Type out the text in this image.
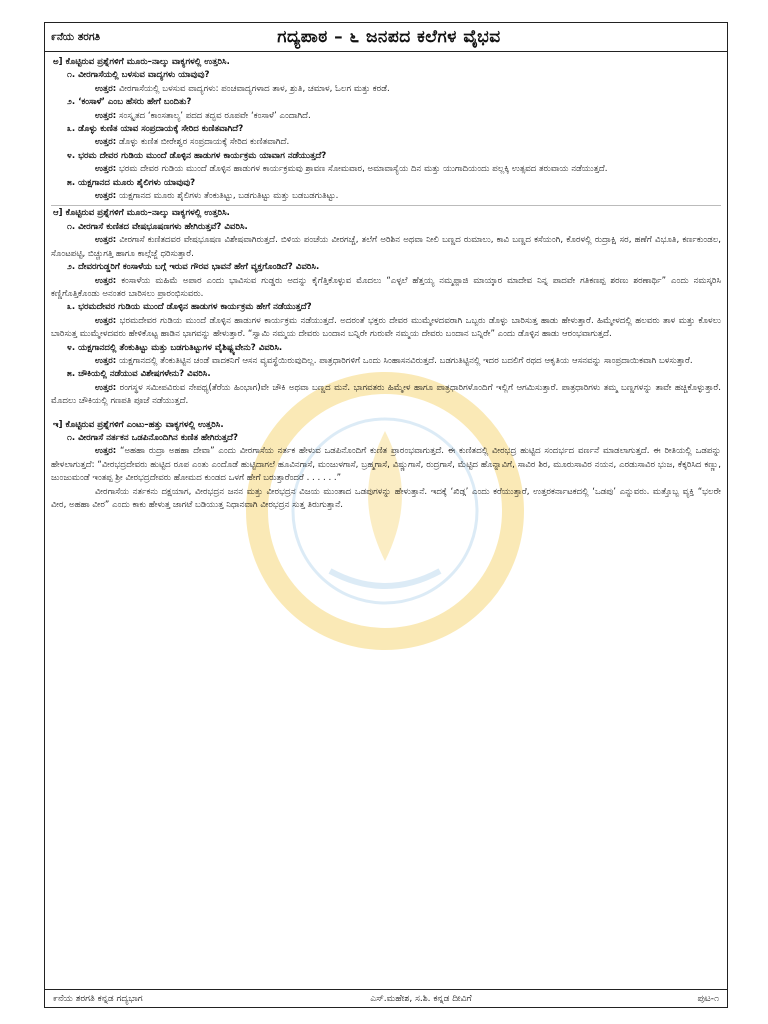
೯ನೆಯ ತರಗತಿ	ಗದ್ಯಪಾಠ – ೬ ಜನಪದ ಕಲೆಗಳ ವೈಭವ
ಅ] ಕೊಟ್ಟಿರುವ ಪ್ರಶ್ನೆಗಳಿಗೆ ಮೂರು–ನಾಲ್ಕು ವಾಕ್ಯಗಳಲ್ಲಿ ಉತ್ತರಿಸಿ.
೧. ವೀರಗಾಸೆಯಲ್ಲಿ ಬಳಸುವ ವಾದ್ಯಗಳು ಯಾವುವು?
ಉತ್ತರ: ವೀರಗಾಸೆಯಲ್ಲಿ ಬಳಸುವ ವಾದ್ಯಗಳು: ಪಂಚವಾದ್ಯಗಳಾದ ತಾಳ, ಶ್ರುತಿ, ಚಮಾಳ, ಓಲಗ ಮತ್ತು ಕರಡೆ.
೨. ‘ಕಂಸಾಳೆ’ ಎಂಬ ಹೆಸರು ಹೇಗೆ ಬಂದಿತು?
ಉತ್ತರ: ಸಂಸ್ಕೃತದ ‘ಕಾಂಸತಾಲ್ಯ’ ಪದದ ತದ್ಭವ ರೂಪವೇ ‘ಕಂಸಾಳೆ’ ಎಂದಾಗಿದೆ.
೩. ಡೊಳ್ಳು ಕುಣಿತ ಯಾವ ಸಂಪ್ರದಾಯಕ್ಕೆ ಸೇರಿದ ಕುಣಿತವಾಗಿದೆ?
ಉತ್ತರ: ಡೊಳ್ಳು ಕುಣಿತ ಬೀರೇಶ್ವರ ಸಂಪ್ರದಾಯಕ್ಕೆ ಸೇರಿದ ಕುಣಿತವಾಗಿದೆ.
೪. ಭರಮ ದೇವರ ಗುಡಿಯ ಮುಂದೆ ಡೊಳ್ಳಿನ ಹಾಡುಗಳ ಕಾರ್ಯಕ್ರಮ ಯಾವಾಗ ನಡೆಯುತ್ತದೆ?
ಉತ್ತರ: ಭರಮ ದೇವರ ಗುಡಿಯ ಮುಂದೆ ಡೊಳ್ಳಿನ ಹಾಡುಗಳ ಕಾರ್ಯಕ್ರಮವು ಶ್ರಾವಣ ಸೋಮವಾರ, ಅಮಾವಾಸ್ಯೆಯ ದಿನ ಮತ್ತು ಯುಗಾದಿಯಂದು ಪಲ್ಲಕ್ಕಿ ಉತ್ಸವದ ತರುವಾಯ ನಡೆಯುತ್ತದೆ.
೫. ಯಕ್ಷಗಾನದ ಮೂರು ಶೈಲಿಗಳು ಯಾವುವು?
ಉತ್ತರ: ಯಕ್ಷಗಾನದ ಮೂರು ಶೈಲಿಗಳು ತೆಂಕುತಿಟ್ಟು, ಬಡಗುತಿಟ್ಟು ಮತ್ತು ಬಡಬಡಗುತಿಟ್ಟು.
ಆ] ಕೊಟ್ಟಿರುವ ಪ್ರಶ್ನೆಗಳಿಗೆ ಮೂರು–ನಾಲ್ಕು ವಾಕ್ಯಗಳಲ್ಲಿ ಉತ್ತರಿಸಿ.
೧. ವೀರಗಾಸೆ ಕುಣಿತದ ವೇಷಭೂಷಣಗಳು ಹೇಗಿರುತ್ತವೆ? ವಿವರಿಸಿ.
ಉತ್ತರ: ವೀರಗಾಸೆ ಕುಣಿತದವರ ವೇಷಭೂಷಣ ವಿಶೇಷವಾಗಿರುತ್ತದೆ. ಬಿಳಿಯ ಪಂಚೆಯ ವೀರಗಚ್ಚೆ, ತಲೆಗೆ ಅರಿಶಿನ ಅಥವಾ ನೀಲಿ ಬಣ್ಣದ ರುಮಾಲು, ಕಾವಿ ಬಣ್ಣದ ಕಸೆಯಂಗಿ, ಕೊರಳಲ್ಲಿ ರುದ್ರಾಕ್ಷಿ ಸರ, ಹಣೆಗೆ ವಿಭೂತಿ, ಕರ್ಣಕುಂಡಲ, ಸೊಂಟಪಟ್ಟಿ, ಬಿಚ್ಚುಗತ್ತಿ ಹಾಗೂ ಕಾಲ್ಗೆಜ್ಜೆ ಧರಿಸುತ್ತಾರೆ.
೨. ದೇವರಗುಡ್ಡರಿಗೆ ಕಂಸಾಳೆಯ ಬಗ್ಗೆ ಇರುವ ಗೌರವ ಭಾವನೆ ಹೇಗೆ ವ್ಯಕ್ತಗೊಂಡಿದೆ? ವಿವರಿಸಿ.
ಉತ್ತರ: ಕಂಸಾಳೆಯ ಮಹಿಮೆ ಅಪಾರ ಎಂದು ಭಾವಿಸುವ ಗುಡ್ಡರು ಅದನ್ನು ಕೈಗೆತ್ತಿಕೊಳ್ಳುವ ಮೊದಲು “ಎಳ್ಳಲೆ ಹೆತ್ತಯ್ಯ ನಮ್ಮಪ್ಪಾಜಿ ಮಾಯ್ಕಾರ ಮಾದೇವ ನಿನ್ನ ಪಾದವೇ ಗತಿಕಣಪ್ಪ ಶರಣು ಶರಣಾರ್ಥಿ” ಎಂದು ನಮಸ್ಕರಿಸಿ ಕಣ್ಣಿಗೊತ್ತಿಕೊಂಡು ಅನಂತರ ಬಾರಿಸಲು ಪ್ರಾರಂಭಿಸುವರು.
೩. ಭರಮದೇವರ ಗುಡಿಯ ಮುಂದೆ ಡೊಳ್ಳಿನ ಹಾಡುಗಳ ಕಾರ್ಯಕ್ರಮ ಹೇಗೆ ನಡೆಯುತ್ತದೆ?
ಉತ್ತರ: ಭರಮದೇವರ ಗುಡಿಯ ಮುಂದೆ ಡೊಳ್ಳಿನ ಹಾಡುಗಳ ಕಾರ್ಯಕ್ರಮ ನಡೆಯುತ್ತದೆ. ಅದರಂತೆ ಭಕ್ತರು ದೇವರ ಮುಮ್ಮೇಳದವರಾಗಿ ಒಬ್ಬರು ಡೊಳ್ಳು ಬಾರಿಸುತ್ತ ಹಾಡು ಹೇಳುತ್ತಾರೆ. ಹಿಮ್ಮೇಳದಲ್ಲಿ ಹಲವರು ತಾಳ ಮತ್ತು ಕೊಳಲು ಬಾರಿಸುತ್ತ ಮುಮ್ಮೇಳದವರು ಹೇಳಿಕೊಟ್ಟ ಹಾಡಿನ ಭಾಗವನ್ನು ಹೇಳುತ್ತಾರೆ. “ಸ್ವಾಮಿ ನಮ್ಮಯ ದೇವರು ಬಂದಾನ ಬನ್ನಿರೇ ಗುರುವೇ ನಮ್ಮಯ ದೇವರು ಬಂದಾನ ಬನ್ನಿರೇ” ಎಂದು ಡೊಳ್ಳಿನ ಹಾಡು ಆರಂಭವಾಗುತ್ತದೆ.
೪. ಯಕ್ಷಗಾನದಲ್ಲಿ ತೆಂಕುತಿಟ್ಟು ಮತ್ತು ಬಡಗುತಿಟ್ಟುಗಳ ವೈಶಿಷ್ಟ್ಯವೇನು? ವಿವರಿಸಿ.
ಉತ್ತರ: ಯಕ್ಷಗಾನದಲ್ಲಿ ತೆಂಕುತಿಟ್ಟಿನ ಚಂಡೆ ವಾದಕನಿಗೆ ಆಸನ ವ್ಯವಸ್ಥೆಯಿರುವುದಿಲ್ಲ. ಪಾತ್ರಧಾರಿಗಳಿಗೆ ಒಂದು ಸಿಂಹಾಸನವಿರುತ್ತದೆ. ಬಡಗುತಿಟ್ಟಿನಲ್ಲಿ ಇದರ ಬದಲಿಗೆ ರಥದ ಆಕೃತಿಯ ಆಸನವನ್ನು ಸಾಂಪ್ರದಾಯಿಕವಾಗಿ ಬಳಸುತ್ತಾರೆ.
೫. ಚೌಕಿಯಲ್ಲಿ ನಡೆಯುವ ವಿಶೇಷಗಳೇನು? ವಿವರಿಸಿ.
ಉತ್ತರ: ರಂಗಸ್ಥಳ ಸಮೀಪವಿರುವ ನೇಪಥ್ಯ(ತೆರೆಯ ಹಿಂಭಾಗ)ವೇ ಚೌಕಿ ಅಥವಾ ಬಣ್ಣದ ಮನೆ. ಭಾಗವತರು ಹಿಮ್ಮೇಳ ಹಾಗೂ ಪಾತ್ರಧಾರಿಗಳೊಂದಿಗೆ ಇಲ್ಲಿಗೆ ಆಗಮಿಸುತ್ತಾರೆ. ಪಾತ್ರಧಾರಿಗಳು ತಮ್ಮ ಬಣ್ಣಗಳನ್ನು ತಾವೇ ಹಚ್ಚಿಕೊಳ್ಳುತ್ತಾರೆ. ಮೊದಲು ಚೌಕಿಯಲ್ಲಿ ಗಣಪತಿ ಪೂಜೆ ನಡೆಯುತ್ತದೆ.
ಇ] ಕೊಟ್ಟಿರುವ ಪ್ರಶ್ನೆಗಳಿಗೆ ಎಂಟು–ಹತ್ತು ವಾಕ್ಯಗಳಲ್ಲಿ ಉತ್ತರಿಸಿ.
೧. ವೀರಗಾಸೆ ನರ್ತಕನ ಒಡಪಿನೊಂದಿಗಿನ ಕುಣಿತ ಹೇಗಿರುತ್ತದೆ?
ಉತ್ತರ: “ಅಹಹಾ ರುದ್ರಾ ಅಹಹಾ ದೇವಾ” ಎಂದು ವೀರಗಾಸೆಯ ನರ್ತಕ ಹೇಳುವ ಒಡಪಿನೊಂದಿಗೆ ಕುಣಿತ ಪ್ರಾರಂಭವಾಗುತ್ತದೆ. ಈ ಕುಣಿತದಲ್ಲಿ ವೀರಭದ್ರ ಹುಟ್ಟಿದ ಸಂದರ್ಭದ ವರ್ಣನೆ ಮಾಡಲಾಗುತ್ತದೆ. ಈ ರೀತಿಯಲ್ಲಿ ಒಡಪನ್ನು ಹೇಳಲಾಗುತ್ತದೆ: “ವೀರಭದ್ರದೇವರು ಹುಟ್ಟಿದ ರೂಪ ಎಂತು ಎಂದೊಡೆ ಹುಟ್ಟಿದಾಗಲೆ ಹೂವಿನಗಾಸೆ, ಮಂಜುಳಗಾಸೆ, ಬ್ರಹ್ಮಗಾಸೆ, ವಿಷ್ಣುಗಾಸೆ, ರುದ್ರಗಾಸೆ, ಮೆಟ್ಟಿದ ಹೊನ್ನಾವಿಗೆ, ಸಾವಿರ ಶಿರ, ಮೂರುಸಾವಿರ ನಯನ, ಎರಡುಸಾವಿರ ಭುಜ, ಕೆಕ್ಕರಿಸಿದ ಕಣ್ಣು, ಜುಂಜುಮಂಡೆ ಇಂತಪ್ಪ ಶ್ರೀ ವೀರಭದ್ರದೇವರು ಹೋಮದ ಕುಂಡದ ಒಳಗೆ ಹೇಗೆ ಬರುತ್ತಾರೆಂದರೆ . . . . . .”
ವೀರಗಾಸೆಯ ನರ್ತಕನು ದಕ್ಷಯಾಗ, ವೀರಭದ್ರನ ಜನನ ಮತ್ತು ವೀರಭದ್ರನ ವಿಜಯ ಮುಂತಾದ ಒಡಪುಗಳನ್ನು ಹೇಳುತ್ತಾನೆ. ಇದಕ್ಕೆ ‘ಖಿಡ್ಗ’ ಎಂದು ಕರೆಯುತ್ತಾರೆ, ಉತ್ತರಕರ್ನಾಟಕದಲ್ಲಿ ‘ಒಡಪು’ ಎನ್ನುವರು. ಮತ್ತೊಬ್ಬ ವ್ಯಕ್ತಿ “ಭಲರೇ ವೀರ, ಅಹಹಾ ವೀರ” ಎಂದು ಕಾಕು ಹೇಳುತ್ತ ಜಾಗಟೆ ಬಡಿಯುತ್ತ ನಿಧಾನವಾಗಿ ವೀರಭದ್ರನ ಸುತ್ತ ತಿರುಗುತ್ತಾನೆ.
೯ನೆಯ ತರಗತಿ ಕನ್ನಡ ಗದ್ಯಭಾಗ	ಎಸ್.ಮಹೇಶ, ಸ.ಶಿ. ಕನ್ನಡ ದೀವಿಗೆ	ಪುಟ-೧
